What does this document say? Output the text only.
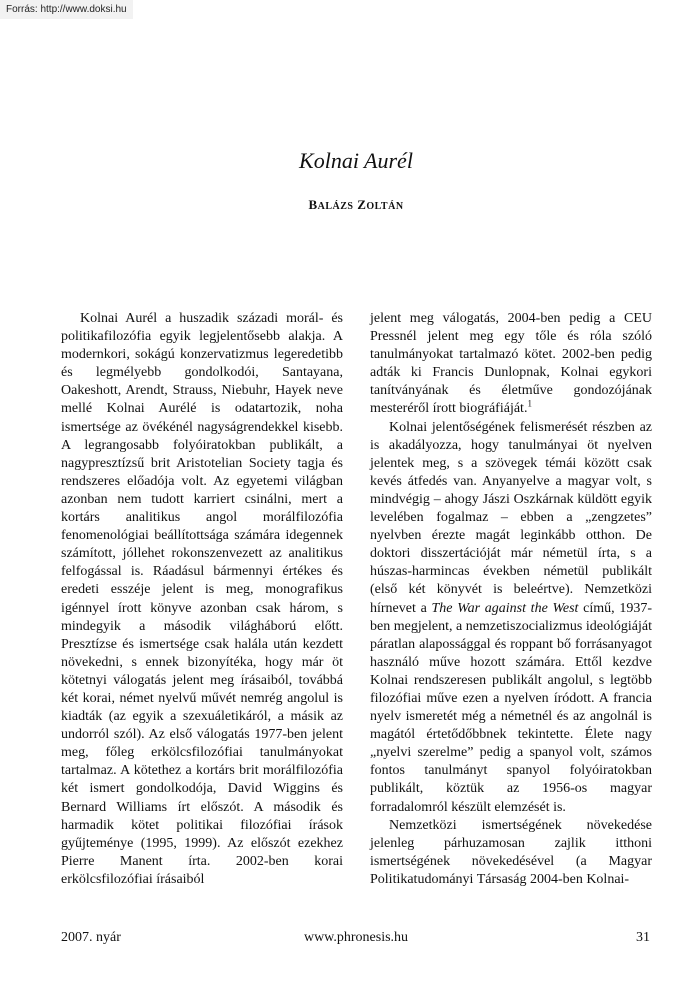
Forrás: http://www.doksi.hu
Kolnai Aurél
BALÁZS ZOLTÁN

Kolnai Aurél a huszadik századi morál- és politikafilozófia egyik legjelentősebb alakja. A modernkori, sokágú konzervatizmus legeredetibb és legmélyebb gondolkodói, Santayana, Oakeshott, Arendt, Strauss, Niebuhr, Hayek neve mellé Kolnai Aurélé is odatartozik, noha ismertsége az övékénél nagyságrendekkel kisebb. A legrangosabb folyóiratokban publikált, a nagypresztízsű brit Aristotelian Society tagja és rendszeres előadója volt. Az egyetemi világban azonban nem tudott karriert csinálni, mert a kortárs analitikus angol morálfilozófia fenomenológiai beállítottsága számára idegennek számított, jóllehet rokonszenvezett az analitikus felfogással is. Ráadásul bármennyi értékes és eredeti esszéje jelent is meg, monografikus igénnyel írott könyve azonban csak három, s mindegyik a második világháború előtt. Presztízse és ismertsége csak halála után kezdett növekedni, s ennek bizonyítéka, hogy már öt kötetnyi válogatás jelent meg írásaiból, továbbá két korai, német nyelvű művét nemrég angolul is kiadták (az egyik a szexuáletikáról, a másik az undorról szól). Az első válogatás 1977-ben jelent meg, főleg erkölcsfilozófiai tanulmányokat tartalmaz. A kötethez a kortárs brit morálfilozófia két ismert gondolkodója, David Wiggins és Bernard Williams írt előszót. A második és harmadik kötet politikai filozófiai írások gyűjteménye (1995, 1999). Az előszót ezekhez Pierre Manent írta. 2002-ben korai erkölcsfilozófiai írásaiból

jelent meg válogatás, 2004-ben pedig a CEU Pressnél jelent meg egy tőle és róla szóló tanulmányokat tartalmazó kötet. 2002-ben pedig adták ki Francis Dunlopnak, Kolnai egykori tanítványának és életműve gondozójának mesteréről írott biográfiáját.$^1$

Kolnai jelentőségének felismerését részben az is akadályozza, hogy tanulmányai öt nyelven jelentek meg, s a szövegek témái között csak kevés átfedés van. Anyanyelve a magyar volt, s mindvégig – ahogy Jászi Oszkárnak küldött egyik levelében fogalmaz – ebben a „zengzetes” nyelvben érezte magát leginkább otthon. De doktori disszertációját már németül írta, s a húszas-harmincas években németül publikált (első két könyvét is beleértve). Nemzetközi hírnevet a The War against the West című, 1937-ben megjelent, a nemzetiszocializmus ideológiáját páratlan alapossággal és roppant bő forrásanyagot használó műve hozott számára. Ettől kezdve Kolnai rendszeresen publikált angolul, s legtöbb filozófiai műve ezen a nyelven íródott. A francia nyelv ismeretét még a németnél és az angolnál is magától értetődőbbnek tekintette. Élete nagy „nyelvi szerelme” pedig a spanyol volt, számos fontos tanulmányt spanyol folyóiratokban publikált, köztük az 1956-os magyar forradalomról készült elemzését is.

Nemzetközi ismertségének növekedése jelenleg párhuzamosan zajlik itthoni ismertségének növekedésével (a Magyar Politikatudományi Társaság 2004-ben Kolnai-

2007. nyár	www.phronesis.hu	31
